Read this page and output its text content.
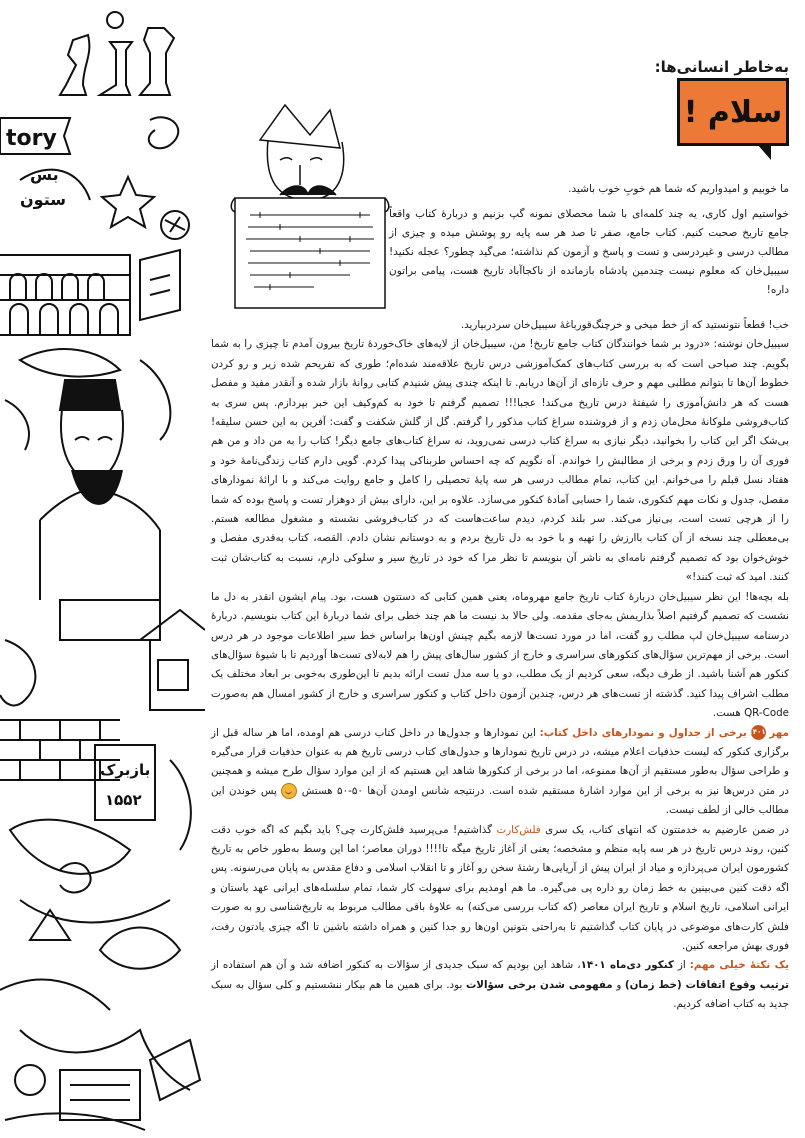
tory
بس
ستون
بازبرک
۱۵۵۲
به‌خاطر انسانی‌ها:
سلام !

ما خوبیم و امیدواریم که شما هم خوبِ خوب باشید.

خواستیم اول کاری، یه چند کلمه‌ای با شما محصلای نمونه گپ بزنیم و دربارهٔ کتاب واقعاً جامع تاریخ صحبت کنیم. کتاب جامع، صفر تا صد هر سه پایه رو پوشش میده و چیزی از مطالب درسی و غیردرسی و تست و پاسخ و آزمون کم نذاشته؛ می‌گید چطور؟ عجله نکنید! سیبیل‌خان که معلوم نیست چندمین پادشاه بازمانده از ناکجاآباد تاریخ هست، پیامی براتون داره!

خب! قطعاً نتونستید که از خط میخی و خرچنگ‌قورباغهٔ سیبیل‌خان سردربیارید.

سیبیل‌خان نوشته: «درود بر شما خوانندگان کتاب جامع تاریخ! من، سیبیل‌خان از لایه‌های خاک‌خوردهٔ تاریخ بیرون آمدم تا چیزی را به شما بگویم. چند صباحی است که به بررسی کتاب‌های کمک‌آموزشی درس تاریخ علاقه‌مند شده‌ام؛ طوری که تفریحم شده زیر و رو کردن خطوط آن‌ها تا بتوانم مطلبی مهم و حرف تازه‌ای از آن‌ها دریابم. تا اینکه چندی پیش شنیدم کتابی روانهٔ بازار شده و آنقدر مفید و مفصل هست که هر دانش‌آموزی را شیفتهٔ درس تاریخ می‌کند! عجبا!!! تصمیم گرفتم تا خود به کم‌وکیف این خبر بپردازم. پس سری به کتاب‌فروشی ملوکانهٔ محل‌مان زدم و از فروشنده سراغ کتاب مذکور را گرفتم. گل از گلش شکفت و گفت: آفرین به این حسن سلیقه! بی‌شک اگر این کتاب را بخوانید، دیگر نیازی به سراغ کتاب درسی نمی‌روید، نه سراغ کتاب‌های جامع دیگر! کتاب را به من داد و من هم فوری آن را ورق زدم و برخی از مطالبش را خواندم. آه نگویم که چه احساس طربناکی پیدا کردم. گویی دارم کتاب زندگی‌نامهٔ خود و هفتاد نسل قبلم را می‌خوانم. این کتاب، تمام مطالب درسی هر سه پایهٔ تحصیلی را کامل و جامع روایت می‌کند و با ارائهٔ نمودارهای مفصل، جدول و نکات مهم کنکوری، شما را حسابی آمادهٔ کنکور می‌سازد. علاوه بر این، دارای بیش از دوهزار تست و پاسخ بوده که شما را از هرچی تست است، بی‌نیاز می‌کند. سر بلند کردم، دیدم ساعت‌هاست که در کتاب‌فروشی نشسته و مشغول مطالعه هستم. بی‌معطلی چند نسخه از آن کتاب باارزش را تهیه و با خود به دل تاریخ بردم و به دوستانم نشان دادم. القصه، کتاب به‌قدری مفصل و خوش‌خوان بود که تصمیم گرفتم نامه‌ای به ناشر آن بنویسم تا نظر مرا که خود در تاریخ سیر و سلوکی دارم، نسبت به کتاب‌شان ثبت کنند. امید که ثبت کنند!»

بله بچه‌ها! این نظر سیبیل‌خان دربارهٔ کتاب تاریخ جامع مهروماه، یعنی همین کتابی که دستتون هست، بود. پیام ایشون انقدر به دل ما نشست که تصمیم گرفتیم اصلاً بذاریمش به‌جای مقدمه. ولی حالا بد نیست ما هم چند خطی برای شما دربارهٔ این کتاب بنویسیم. دربارهٔ درسنامه سیبیل‌خان لپ مطلب رو گفت، اما در مورد تست‌ها لازمه بگیم چینش اون‌ها براساس خط سیر اطلاعات موجود در هر درس است. برخی از مهم‌ترین سؤال‌های کنکورهای سراسری و خارج از کشور سال‌های پیش را هم لابه‌لای تست‌ها آوردیم تا با شیوهٔ سؤال‌های کنکور هم آشنا باشید. از طرف دیگه، سعی کردیم از یک مطلب، دو یا سه مدل تست ارائه بدیم تا این‌طوری به‌خوبی بر ابعاد مختلف یک مطلب اشراف پیدا کنید. گذشته از تست‌های هر درس، چندین آزمون داخل کتاب و کنکور سراسری و خارج از کشور امسال هم به‌صورت QR-Code هست.

مهر ۱۴۰۱ برخی از جداول و نمودارهای داخل کتاب: این نمودارها و جدول‌ها در داخل کتاب درسی هم اومده، اما هر ساله قبل از برگزاری کنکور که لیست حذفیات اعلام میشه، در درس تاریخ نمودارها و جدول‌های کتاب درسی تاریخ هم به عنوان حذفیات قرار می‌گیره و طراحی سؤال به‌طور مستقیم از آن‌ها ممنوعه، اما در برخی از کنکورها شاهد این هستیم که از این موارد سؤال طرح میشه و همچنین در متن درس‌ها نیز به برخی از این موارد اشارهٔ مستقیم شده است. درنتیجه شانس اومدن آن‌ها ۵۰-۵۰ هستش  پس خوندن این مطالب خالی از لطف نیست.

در ضمن عارضیم به خدمتتون که انتهای کتاب، یک سری فلش‌کارت گذاشتیم! می‌پرسید فلش‌کارت چی؟ باید بگیم که اگه خوب دقت کنین، روند درس تاریخ در هر سه پایه منظم و مشخصه؛ یعنی از آغاز تاریخ میگه تا!!!! دوران معاصر؛ اما این وسط به‌طور خاص به تاریخ کشورمون ایران می‌پردازه و میاد از ایران پیش از آریایی‌ها رشتهٔ سخن رو آغاز و تا انقلاب اسلامی و دفاع مقدس به پایان می‌رسونه. پس اگه دقت کنین می‌بینین به خط زمان رو داره پی می‌گیره. ما هم اومدیم برای سهولت کار شما، تمام سلسله‌های ایرانی عهد باستان و ایرانی اسلامی، تاریخ اسلام و تاریخ ایران معاصر (که کتاب بررسی می‌کنه) به علاوهٔ باقی مطالب مربوط به تاریخ‌شناسی رو به صورت فلش کارت‌های موضوعی در پایان کتاب گذاشتیم تا به‌راحتی بتونین اون‌ها رو جدا کنین و همراه داشته باشین تا اگه چیزی یادتون رفت، فوری بهش مراجعه کنین.

یک نکتهٔ خیلی مهم: از کنکور دی‌ماه ۱۴۰۱، شاهد این بودیم که سبک جدیدی از سؤالات به کنکور اضافه شد و آن هم استفاده از ترتیب وقوع اتفاقات (خط زمان) و مفهومی شدن برخی سؤالات بود. برای همین ما هم بیکار ننشستیم و کلی سؤال به سبک جدید به کتاب اضافه کردیم.
